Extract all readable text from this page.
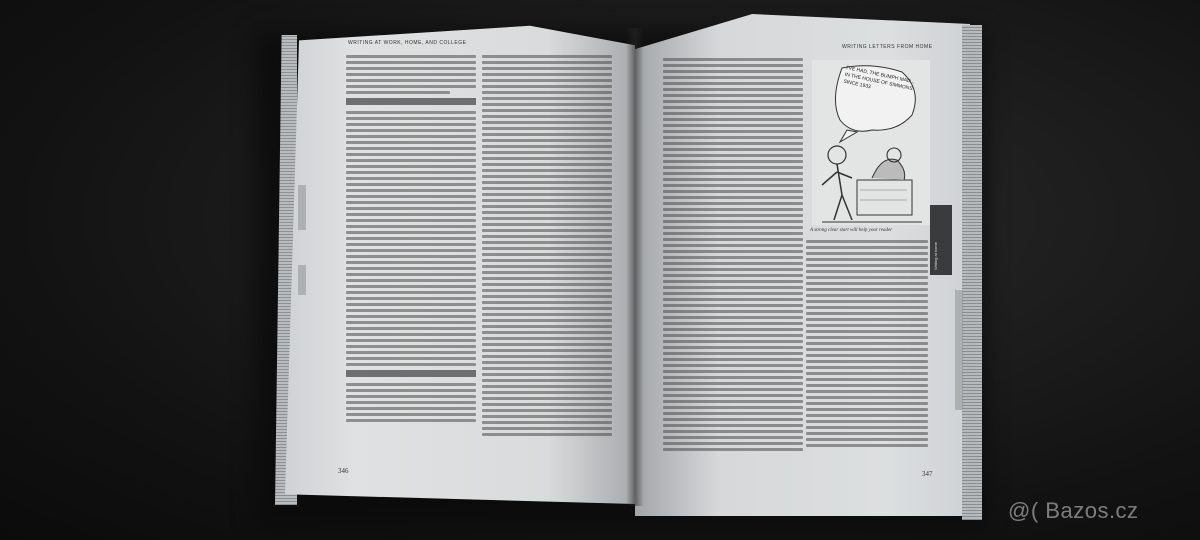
WRITING AT WORK, HOME, AND COLLEGE
346
WRITING LETTERS FROM HOME
347
I'VE HAD, THE BUMPH MAD... IN THE HOUSE OF SIMMONS SINCE 1933
A strong clear start will help your reader
Writing at home
@( Bazos.cz
